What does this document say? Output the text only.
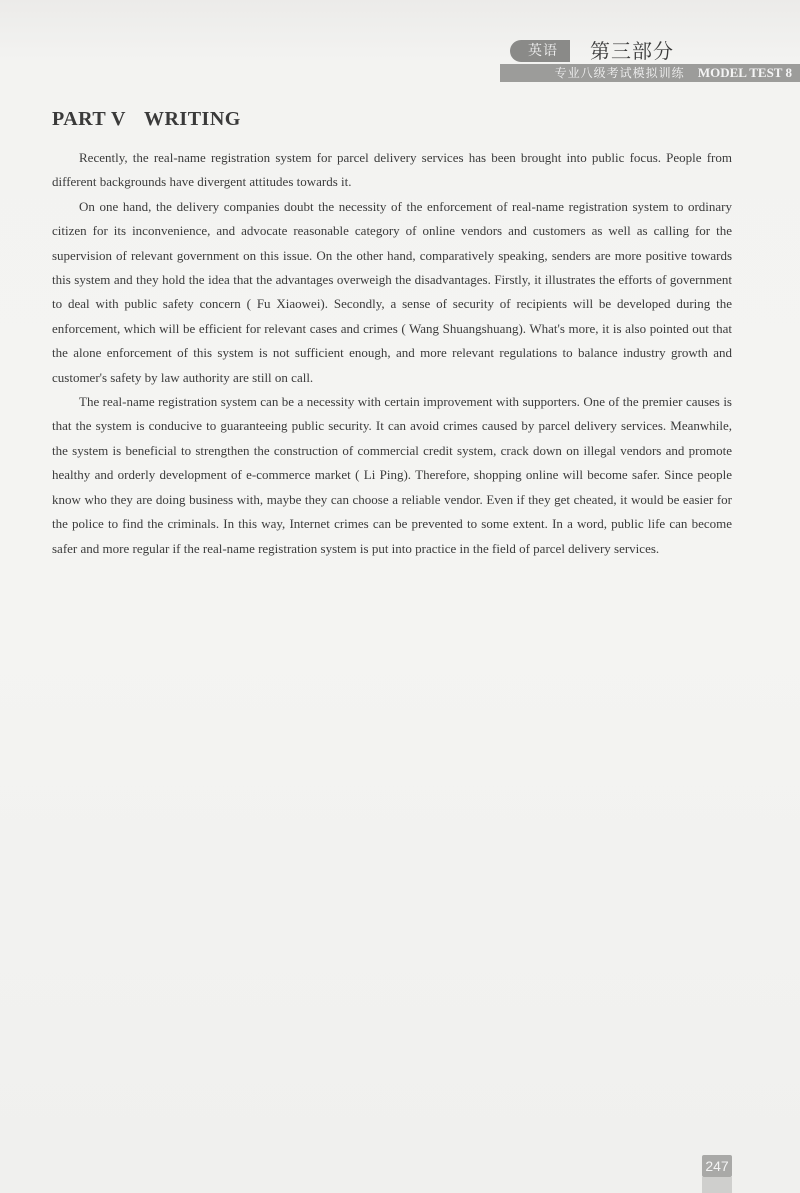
英语	第三部分
专业八级考试模拟训练 MODEL TEST 8
PART V WRITING

Recently, the real-name registration system for parcel delivery services has been brought into public focus. People from different backgrounds have divergent attitudes towards it.

On one hand, the delivery companies doubt the necessity of the enforcement of real-name registration system to ordinary citizen for its inconvenience, and advocate reasonable category of online vendors and customers as well as calling for the supervision of relevant government on this issue. On the other hand, comparatively speaking, senders are more positive towards this system and they hold the idea that the advantages overweigh the disadvantages. Firstly, it illustrates the efforts of government to deal with public safety concern ( Fu Xiaowei). Secondly, a sense of security of recipients will be developed during the enforcement, which will be efficient for relevant cases and crimes ( Wang Shuangshuang). What's more, it is also pointed out that the alone enforcement of this system is not sufficient enough, and more relevant regulations to balance industry growth and customer's safety by law authority are still on call.

The real-name registration system can be a necessity with certain improvement with supporters. One of the premier causes is that the system is conducive to guaranteeing public security. It can avoid crimes caused by parcel delivery services. Meanwhile, the system is beneficial to strengthen the construction of commercial credit system, crack down on illegal vendors and promote healthy and orderly development of e-commerce market ( Li Ping). Therefore, shopping online will become safer. Since people know who they are doing business with, maybe they can choose a reliable vendor. Even if they get cheated, it would be easier for the police to find the criminals. In this way, Internet crimes can be prevented to some extent. In a word, public life can become safer and more regular if the real-name registration system is put into practice in the field of parcel delivery services.

247
